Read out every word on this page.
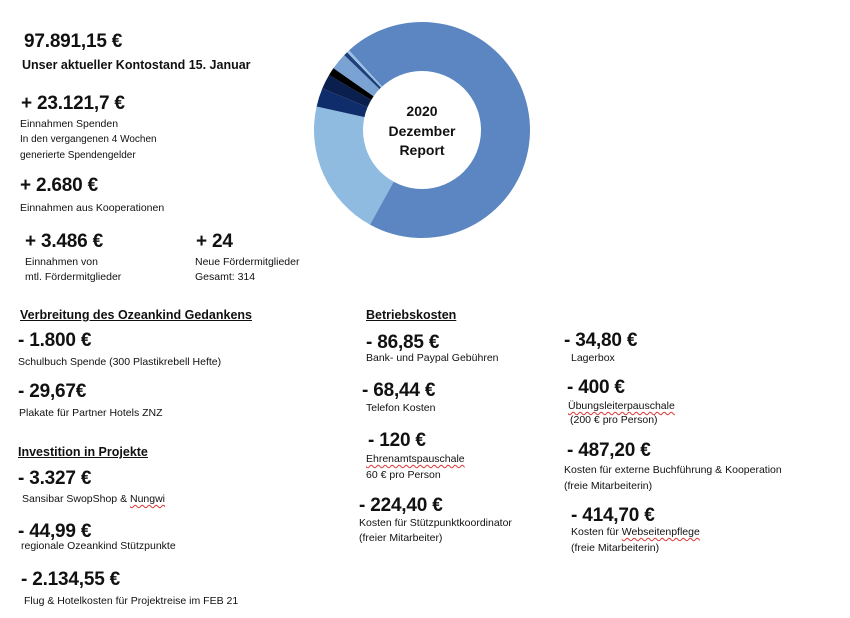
97.891,15 €
Unser aktueller Kontostand 15. Januar
+ 23.121,7 €
Einnahmen Spenden
In den vergangenen 4 Wochen
generierte Spendengelder
+ 2.680 €
Einnahmen aus Kooperationen
+ 3.486 €
Einnahmen von
mtl. Fördermitglieder
+ 24
Neue Fördermitglieder
Gesamt: 314
2020
Dezember
Report
Verbreitung des Ozeankind Gedankens
- 1.800 €
Schulbuch Spende (300 Plastikrebell Hefte)
- 29,67€
Plakate für Partner Hotels ZNZ
Investition in Projekte
- 3.327 €
Sansibar SwopShop & Nungwi
- 44,99 €
regionale Ozeankind Stützpunkte
- 2.134,55 €
Flug & Hotelkosten für Projektreise im FEB 21
Betriebskosten
- 86,85 €
Bank- und Paypal Gebühren
- 68,44 €
Telefon Kosten
- 120 €
Ehrenamtspauschale
60 € pro Person
- 224,40 €
Kosten für Stützpunktkoordinator
(freier Mitarbeiter)
- 34,80 €
Lagerbox
- 400 €
Übungsleiterpauschale
(200 € pro Person)
- 487,20 €
Kosten für externe Buchführung & Kooperation
(freie Mitarbeiterin)
- 414,70 €
Kosten für Webseitenpflege
(freie Mitarbeiterin)
